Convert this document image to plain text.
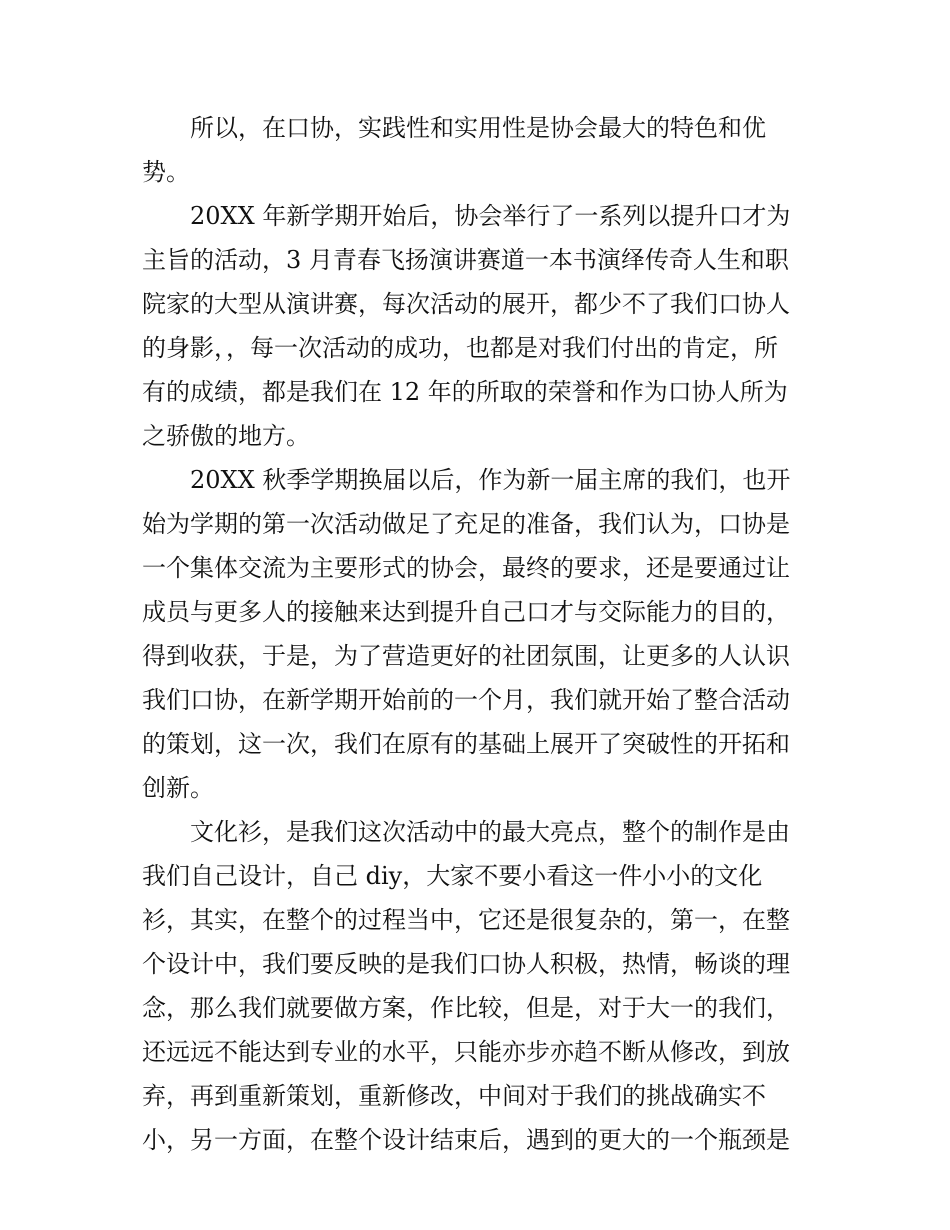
所以，在口协，实践性和实用性是协会最大的特色和优
势。
20XX 年新学期开始后，协会举行了一系列以提升口才为
主旨的活动，3 月青春飞扬演讲赛道一本书演绎传奇人生和职
院家的大型从演讲赛，每次活动的展开，都少不了我们口协人
的身影，，每一次活动的成功，也都是对我们付出的肯定，所
有的成绩，都是我们在 12 年的所取的荣誉和作为口协人所为
之骄傲的地方。
20XX 秋季学期换届以后，作为新一届主席的我们，也开
始为学期的第一次活动做足了充足的准备，我们认为，口协是
一个集体交流为主要形式的协会，最终的要求，还是要通过让
成员与更多人的接触来达到提升自己口才与交际能力的目的，
得到收获，于是，为了营造更好的社团氛围，让更多的人认识
我们口协，在新学期开始前的一个月，我们就开始了整合活动
的策划，这一次，我们在原有的基础上展开了突破性的开拓和
创新。
文化衫，是我们这次活动中的最大亮点，整个的制作是由
我们自己设计，自己 diy，大家不要小看这一件小小的文化
衫，其实，在整个的过程当中，它还是很复杂的，第一，在整
个设计中，我们要反映的是我们口协人积极，热情，畅谈的理
念，那么我们就要做方案，作比较，但是，对于大一的我们，
还远远不能达到专业的水平，只能亦步亦趋不断从修改，到放
弃，再到重新策划，重新修改，中间对于我们的挑战确实不
小，另一方面，在整个设计结束后，遇到的更大的一个瓶颈是
